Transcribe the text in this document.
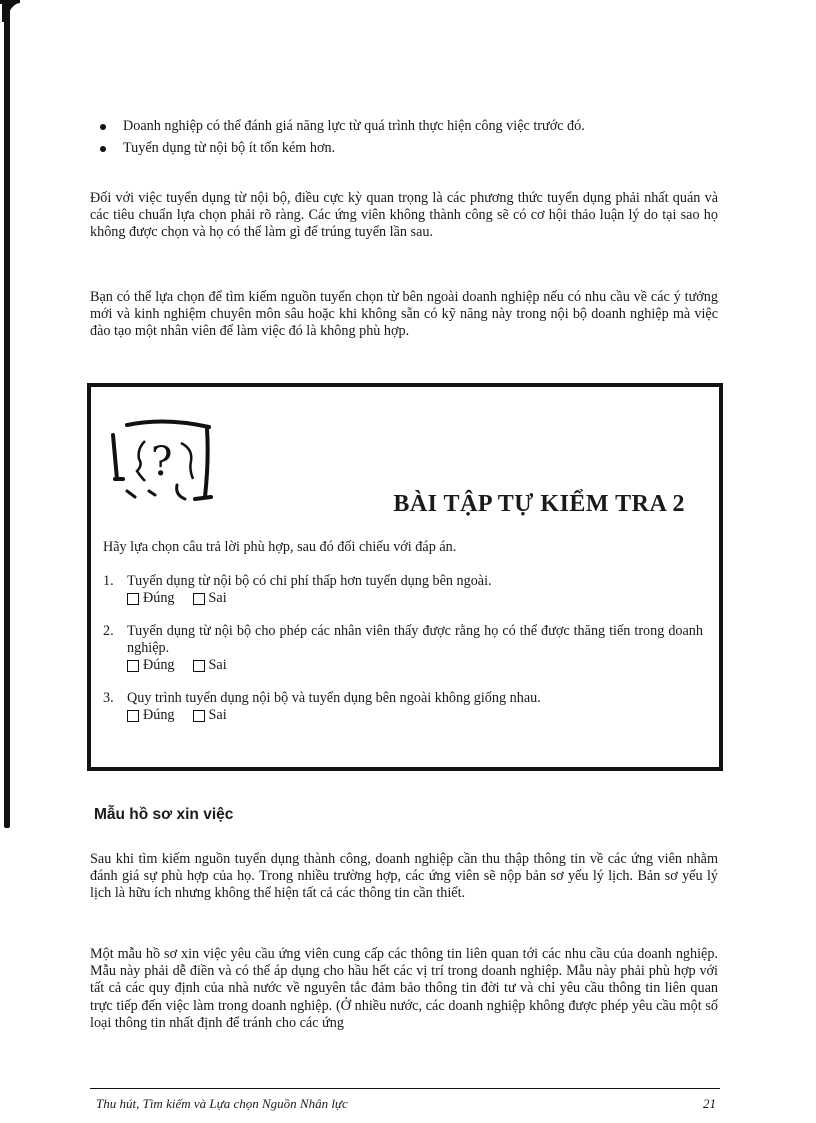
Doanh nghiệp có thể đánh giá năng lực từ quá trình thực hiện công việc trước đó.
Tuyển dụng từ nội bộ ít tốn kém hơn.

Đối với việc tuyển dụng từ nội bộ, điều cực kỳ quan trọng là các phương thức tuyển dụng phải nhất quán và các tiêu chuẩn lựa chọn phải rõ ràng. Các ứng viên không thành công sẽ có cơ hội thảo luận lý do tại sao họ không được chọn và họ có thể làm gì để trúng tuyển lần sau.

Bạn có thể lựa chọn để tìm kiếm nguồn tuyển chọn từ bên ngoài doanh nghiệp nếu có nhu cầu về các ý tưởng mới và kinh nghiệm chuyên môn sâu hoặc khi không sẵn có kỹ năng này trong nội bộ doanh nghiệp mà việc đào tạo một nhân viên để làm việc đó là không phù hợp.

?
BÀI TẬP TỰ KIỂM TRA 2

Hãy lựa chọn câu trả lời phù hợp, sau đó đối chiếu với đáp án.

1. Tuyển dụng từ nội bộ có chi phí thấp hơn tuyển dụng bên ngoài.
Đúng Sai
2. Tuyển dụng từ nội bộ cho phép các nhân viên thấy được rằng họ có thể được thăng tiến trong doanh nghiệp.
Đúng Sai
3. Quy trình tuyển dụng nội bộ và tuyển dụng bên ngoài không giống nhau.
Đúng Sai
Mẫu hồ sơ xin việc

Sau khi tìm kiếm nguồn tuyển dụng thành công, doanh nghiệp cần thu thập thông tin về các ứng viên nhằm đánh giá sự phù hợp của họ. Trong nhiều trường hợp, các ứng viên sẽ nộp bản sơ yếu lý lịch. Bản sơ yếu lý lịch là hữu ích nhưng không thể hiện tất cả các thông tin cần thiết.

Một mẫu hồ sơ xin việc yêu cầu ứng viên cung cấp các thông tin liên quan tới các nhu cầu của doanh nghiệp. Mẫu này phải dễ điền và có thể áp dụng cho hầu hết các vị trí trong doanh nghiệp. Mẫu này phải phù hợp với tất cả các quy định của nhà nước về nguyên tắc đảm bảo thông tin đời tư và chỉ yêu cầu thông tin liên quan trực tiếp đến việc làm trong doanh nghiệp. (Ở nhiều nước, các doanh nghiệp không được phép yêu cầu một số loại thông tin nhất định để tránh cho các ứng

Thu hút, Tìm kiếm và Lựa chọn Nguồn Nhân lực	21
